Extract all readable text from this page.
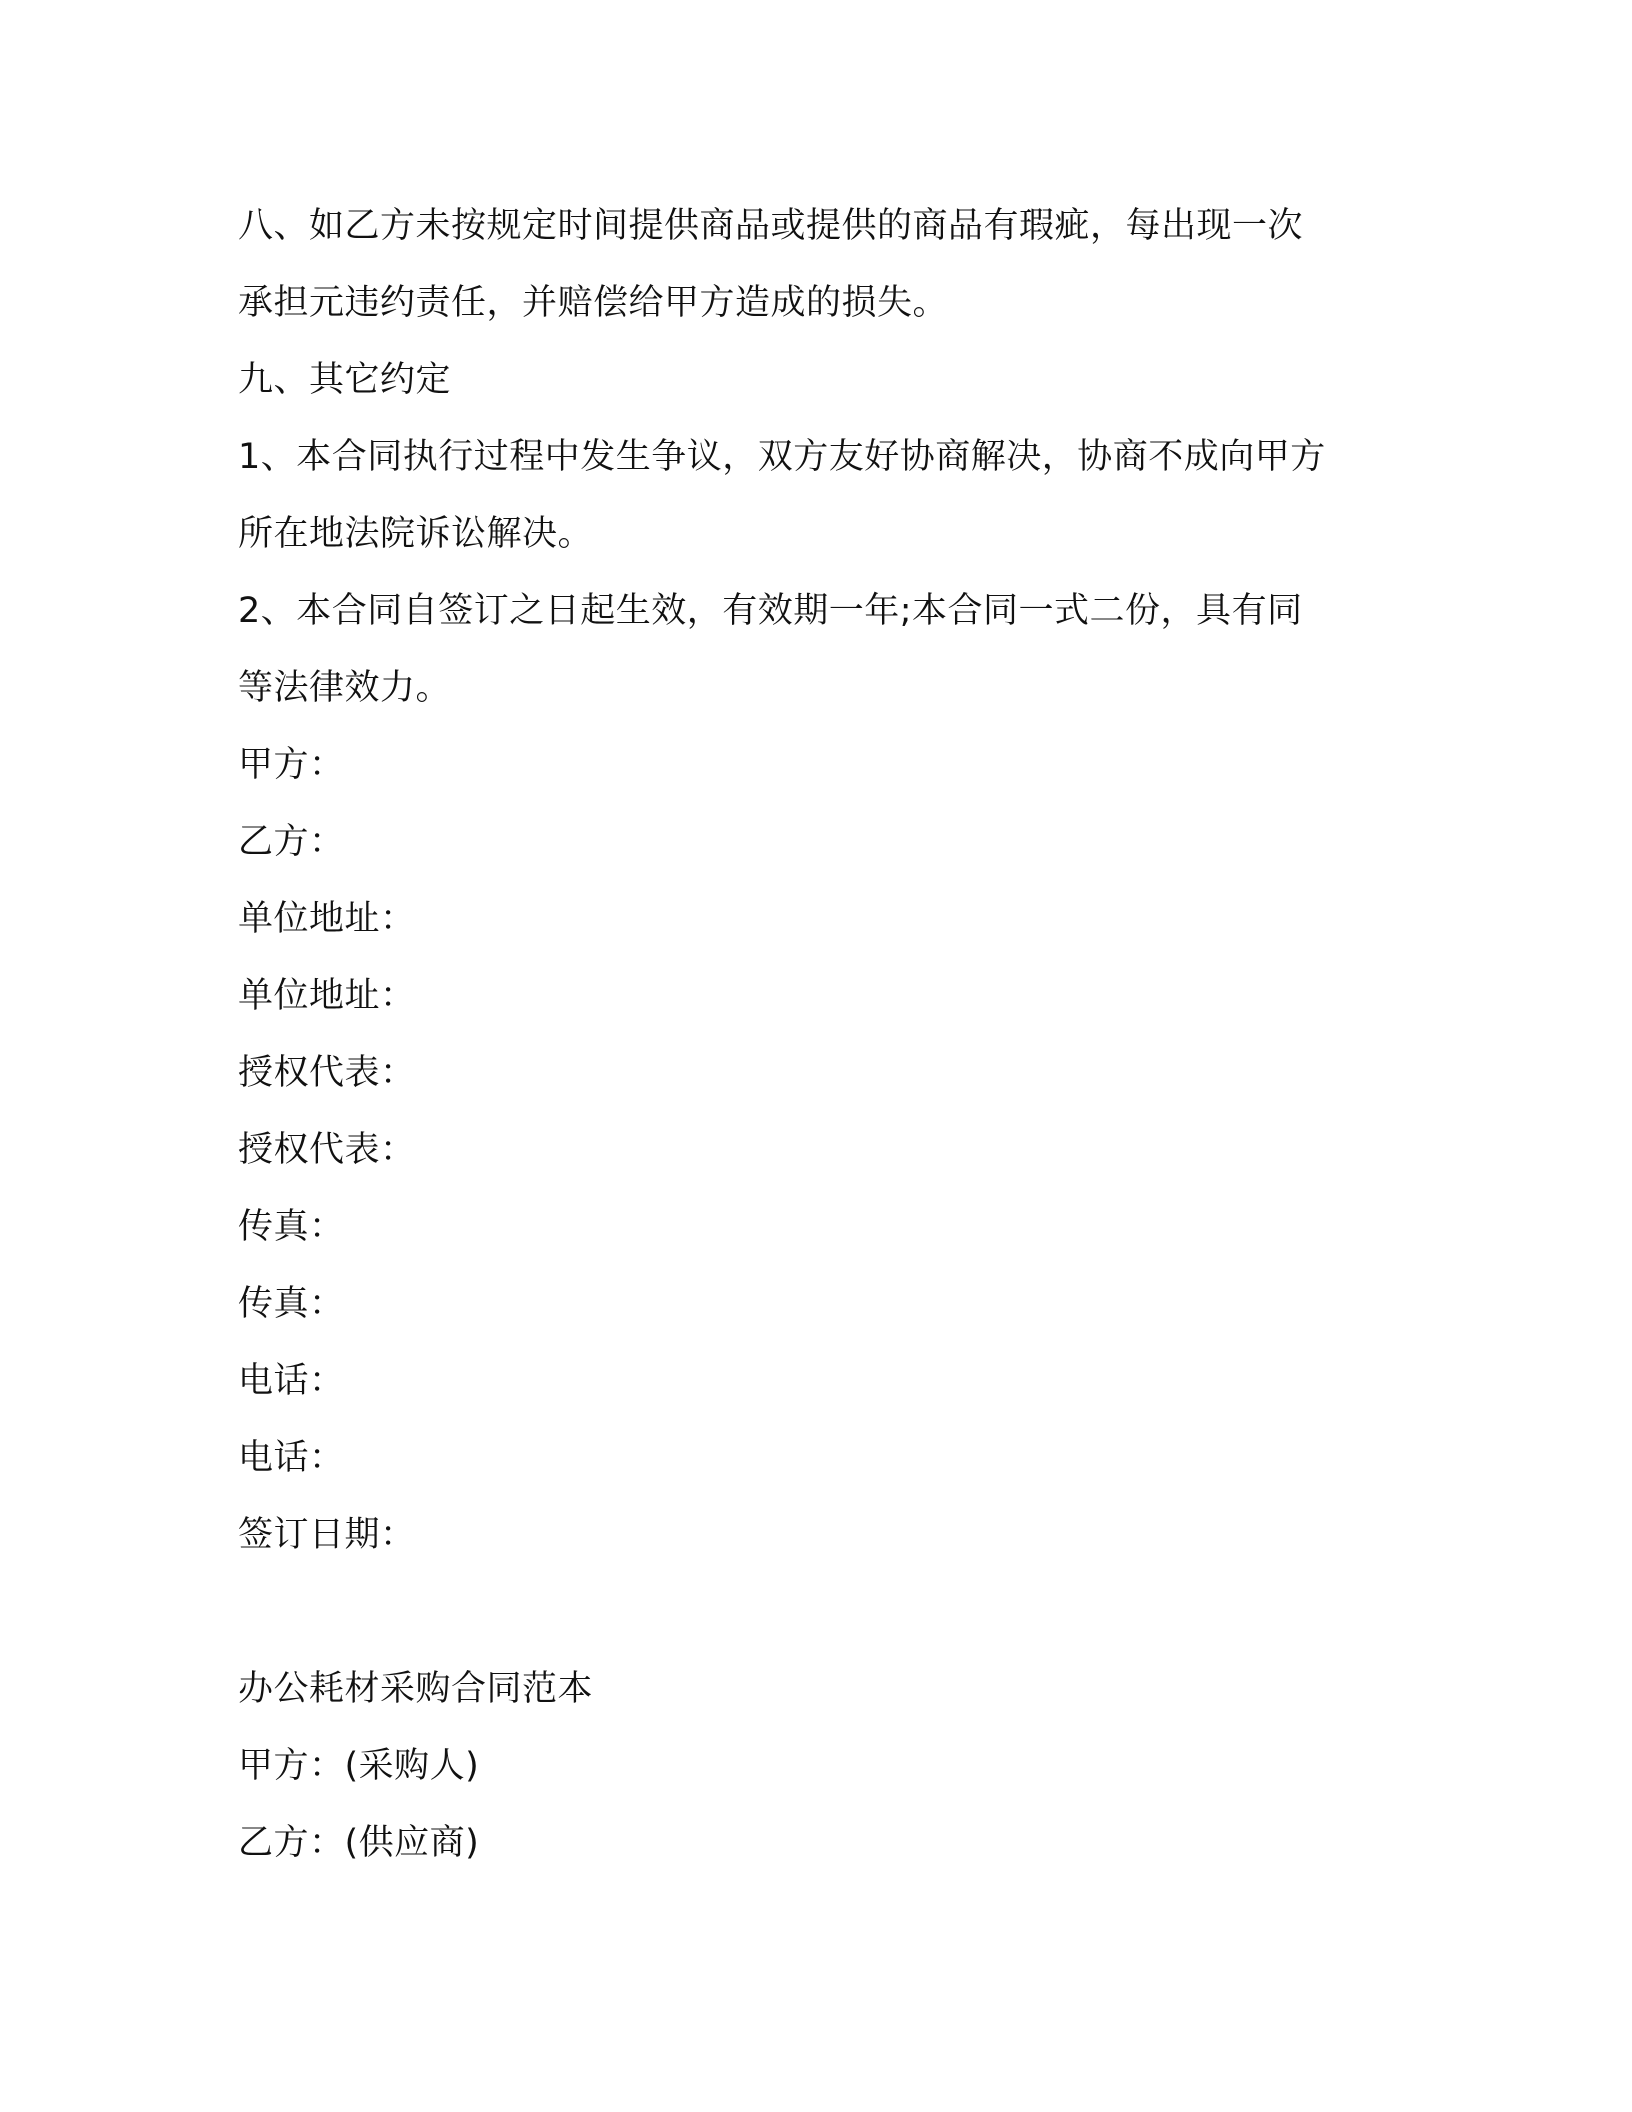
八、如乙方未按规定时间提供商品或提供的商品有瑕疵，每出现一次
承担元违约责任，并赔偿给甲方造成的损失。
九、其它约定
1、本合同执行过程中发生争议，双方友好协商解决，协商不成向甲方
所在地法院诉讼解决。
2、本合同自签订之日起生效，有效期一年;本合同一式二份，具有同
等法律效力。
甲方：
乙方：
单位地址：
单位地址：
授权代表：
授权代表：
传真：
传真：
电话：
电话：
签订日期：
办公耗材采购合同范本
甲方：(采购人)
乙方：(供应商)
